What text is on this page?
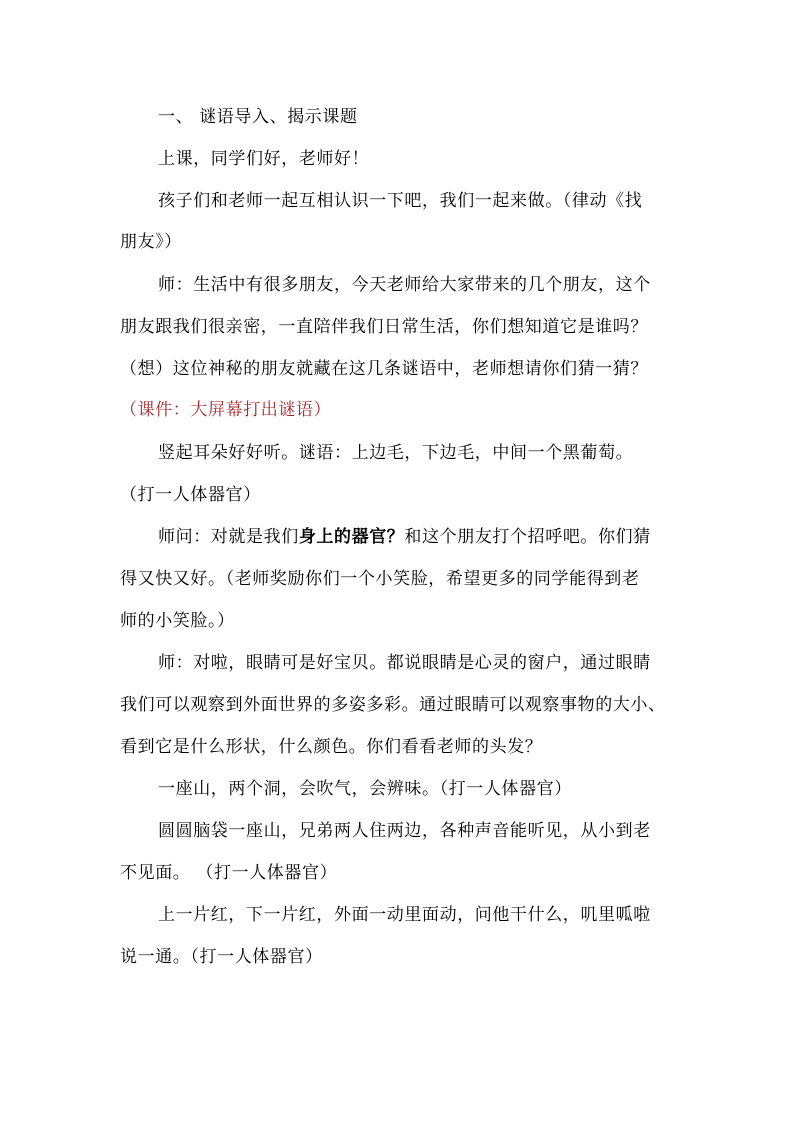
一、 谜语导入、揭示课题
上课，同学们好，老师好！
孩子们和老师一起互相认识一下吧，我们一起来做。（律动《找
朋友》）
师：生活中有很多朋友，今天老师给大家带来的几个朋友，这个
朋友跟我们很亲密，一直陪伴我们日常生活，你们想知道它是谁吗？
（想）这位神秘的朋友就藏在这几条谜语中，老师想请你们猜一猜？
（课件：大屏幕打出谜语）
竖起耳朵好好听。谜语：上边毛，下边毛，中间一个黑葡萄。
（打一人体器官）
师问：对就是我们身上的器官？和这个朋友打个招呼吧。你们猜
得又快又好。（老师奖励你们一个小笑脸，希望更多的同学能得到老
师的小笑脸。）
师：对啦，眼睛可是好宝贝。都说眼睛是心灵的窗户，通过眼睛
我们可以观察到外面世界的多姿多彩。通过眼睛可以观察事物的大小、
看到它是什么形状，什么颜色。你们看看老师的头发？
一座山，两个洞，会吹气，会辨味。（打一人体器官）
圆圆脑袋一座山，兄弟两人住两边，各种声音能听见，从小到老
不见面。 （打一人体器官）
上一片红，下一片红，外面一动里面动，问他干什么，叽里呱啦
说一通。（打一人体器官）
